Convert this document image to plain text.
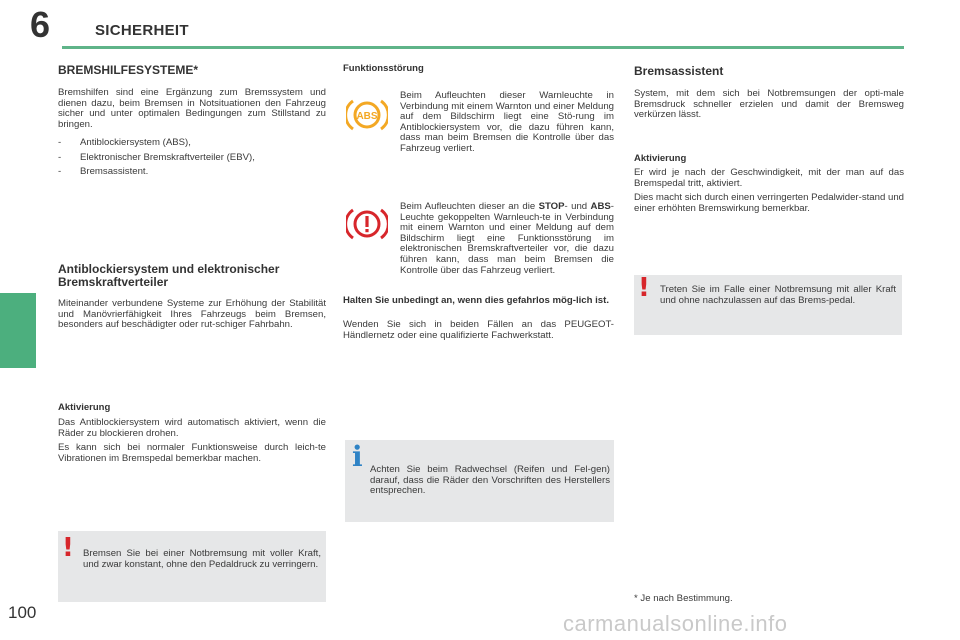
6	SICHERHEIT
BREMSHILFESYSTEME*
Bremshilfen sind eine Ergänzung zum Bremssystem und dienen dazu, beim Bremsen in Notsituationen den Fahrzeug sicher und unter optimalen Bedingungen zum Stillstand zu bringen.
- Antiblockiersystem (ABS),
- Elektronischer Bremskraftverteiler (EBV),
- Bremsassistent.
Antiblockiersystem und elektronischer Bremskraftverteiler
Miteinander verbundene Systeme zur Erhöhung der Stabilität und Manövrierfähigkeit Ihres Fahrzeugs beim Bremsen, besonders auf beschädigter oder rut-schiger Fahrbahn.
Aktivierung

Das Antiblockiersystem wird automatisch aktiviert, wenn die Räder zu blockieren drohen.

Es kann sich bei normaler Funktionsweise durch leich-te Vibrationen im Bremspedal bemerkbar machen.

! Bremsen Sie bei einer Notbremsung mit voller Kraft, und zwar konstant, ohne den Pedaldruck zu verringern.
Funktionsstörung
ABS
Beim Aufleuchten dieser Warnleuchte in Verbindung mit einem Warnton und einer Meldung auf dem Bildschirm liegt eine Stö-rung im Antiblockiersystem vor, die dazu führen kann, dass man beim Bremsen die Kontrolle über das Fahrzeug verliert.
Beim Aufleuchten dieser an die STOP- und ABS-Leuchte gekoppelten Warnleuch-te in Verbindung mit einem Warnton und einer Meldung auf dem Bildschirm liegt eine Funktionsstörung im elektronischen Bremskraftverteiler vor, die dazu führen kann, dass man beim Bremsen die Kontrolle über das Fahrzeug verliert.
Halten Sie unbedingt an, wenn dies gefahrlos mög-lich ist.
Wenden Sie sich in beiden Fällen an das PEUGEOT-Händlernetz oder eine qualifizierte Fachwerkstatt.
i Achten Sie beim Radwechsel (Reifen und Fel-gen) darauf, dass die Räder den Vorschriften des Herstellers entsprechen.
Bremsassistent
System, mit dem sich bei Notbremsungen der opti-male Bremsdruck schneller erzielen und damit der Bremsweg verkürzen lässt.
Aktivierung

Er wird je nach der Geschwindigkeit, mit der man auf das Bremspedal tritt, aktiviert.

Dies macht sich durch einen verringerten Pedalwider-stand und einer erhöhten Bremswirkung bemerkbar.

! Treten Sie im Falle einer Notbremsung mit aller Kraft und ohne nachzulassen auf das Brems-pedal.
100
* Je nach Bestimmung.
carmanualsonline.info
